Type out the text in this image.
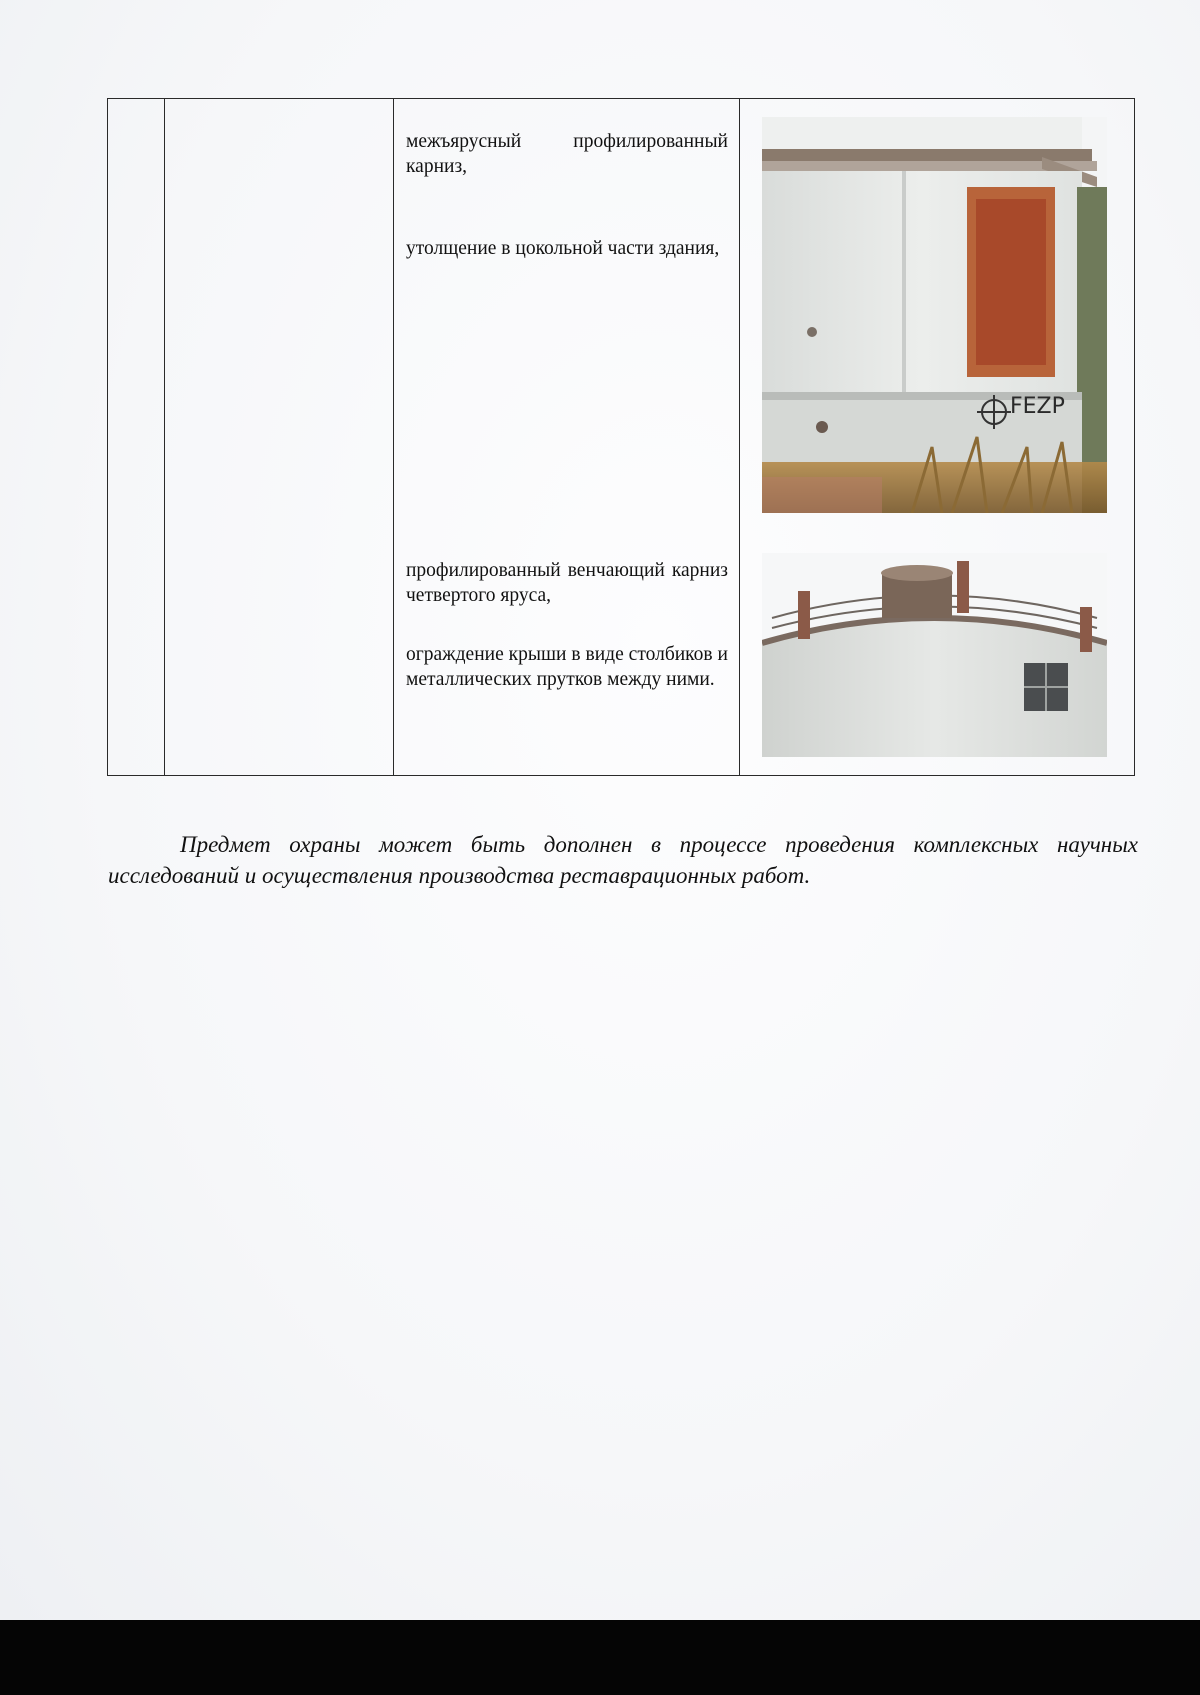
межъярусный профилированный карниз,
утолщение в цокольной части здания,
профилированный венчающий карниз четвертого яруса,
ограждение крыши в виде столбиков и металлических прутков между ними.

FEZP

Предмет охраны может быть дополнен в процессе проведения комплексных научных исследований и осуществления производства реставрационных работ.
